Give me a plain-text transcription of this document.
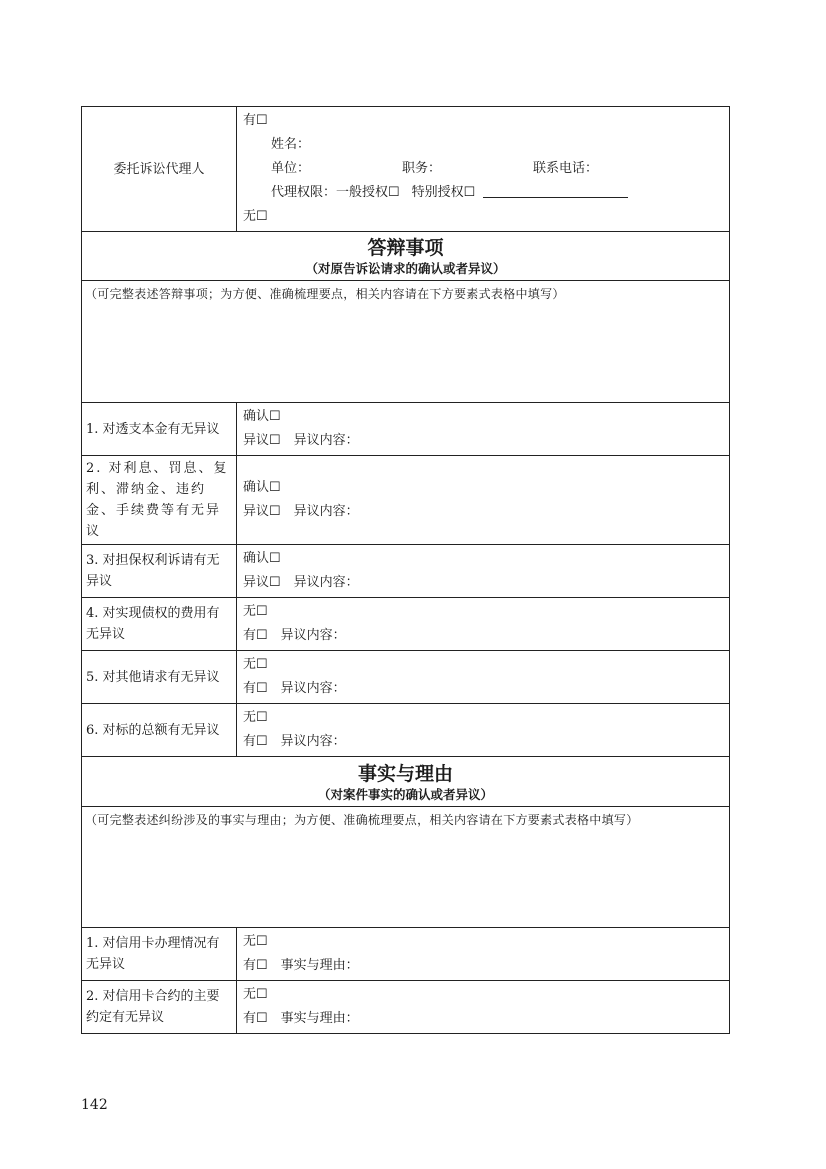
委托诉讼代理人	有☐
姓名：
单位： 职务： 联系电话：
代理权限：一般授权☐ 特别授权☐
无☐

答辩事项
（对原告诉讼请求的确认或者异议）	

（可完整表述答辩事项；为方便、准确梳理要点，相关内容请在下方要素式表格中填写）	
1. 对透支本金有无异议	确认☐
异议☐　异议内容：

2. 对利息、罚息、复利、滞纳金、违约金、手续费等有无异议	确认☐
异议☐　异议内容：

3. 对担保权利诉请有无异议	确认☐
异议☐　异议内容：

4. 对实现债权的费用有无异议	无☐
有☐　异议内容：

5. 对其他请求有无异议	无☐
有☐　异议内容：

6. 对标的总额有无异议	无☐
有☐　异议内容：

事实与理由
（对案件事实的确认或者异议）	

（可完整表述纠纷涉及的事实与理由；为方便、准确梳理要点，相关内容请在下方要素式表格中填写）	
1. 对信用卡办理情况有无异议	无☐
有☐　事实与理由：

2. 对信用卡合约的主要约定有无异议	无☐
有☐　事实与理由：
142
